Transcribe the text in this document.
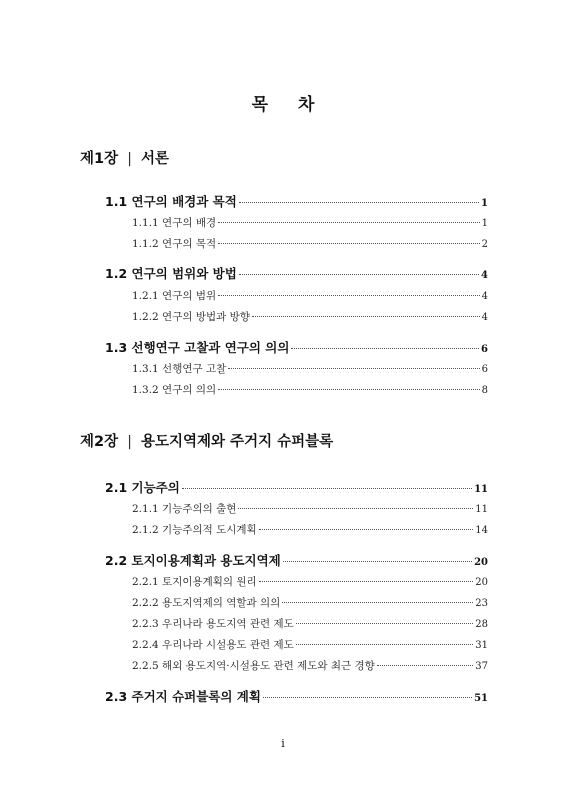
목 차
제1장 | 서론
1.1 연구의 배경과 목적	1
1.1.1 연구의 배경	1
1.1.2 연구의 목적	2
1.2 연구의 범위와 방법	4
1.2.1 연구의 범위	4
1.2.2 연구의 방법과 방향	4
1.3 선행연구 고찰과 연구의 의의	6
1.3.1 선행연구 고찰	6
1.3.2 연구의 의의	8
제2장 | 용도지역제와 주거지 슈퍼블록
2.1 기능주의	11
2.1.1 기능주의의 출현	11
2.1.2 기능주의적 도시계획	14
2.2 토지이용계획과 용도지역제	20
2.2.1 토지이용계획의 원리	20
2.2.2 용도지역제의 역할과 의의	23
2.2.3 우리나라 용도지역 관련 제도	28
2.2.4 우리나라 시설용도 관련 제도	31
2.2.5 해외 용도지역·시설용도 관련 제도와 최근 경향	37
2.3 주거지 슈퍼블록의 계획	51
i
